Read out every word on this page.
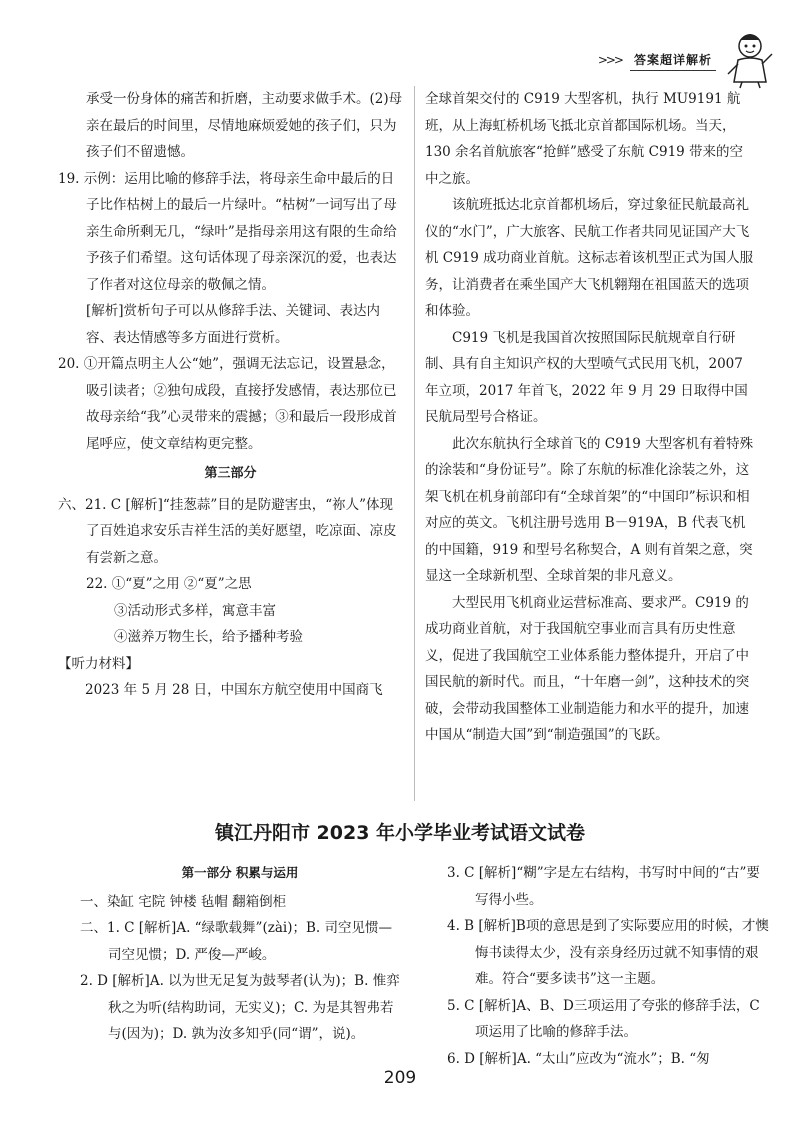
>>>	答案超详解析

承受一份身体的痛苦和折磨，主动要求做手术。(2)母亲在最后的时间里，尽情地麻烦爱她的孩子们，只为孩子们不留遗憾。

19. 示例：运用比喻的修辞手法，将母亲生命中最后的日子比作枯树上的最后一片绿叶。“枯树”一词写出了母亲生命所剩无几，“绿叶”是指母亲用这有限的生命给予孩子们希望。这句话体现了母亲深沉的爱，也表达了作者对这位母亲的敬佩之情。

[解析]赏析句子可以从修辞手法、关键词、表达内容、表达情感等多方面进行赏析。

20. ①开篇点明主人公“她”，强调无法忘记，设置悬念，吸引读者；②独句成段，直接抒发感情，表达那位已故母亲给“我”心灵带来的震撼；③和最后一段形成首尾呼应，使文章结构更完整。

第三部分

六、21. C [解析]“挂葱蒜”目的是防避害虫，“祢人”体现了百姓追求安乐吉祥生活的美好愿望，吃凉面、凉皮有尝新之意。

22. ①“夏”之用 ②“夏”之思

③活动形式多样，寓意丰富

④滋养万物生长，给予播种考验

【听力材料】

2023 年 5 月 28 日，中国东方航空使用中国商飞

全球首架交付的 C919 大型客机，执行 MU9191 航班，从上海虹桥机场飞抵北京首都国际机场。当天，130 余名首航旅客“抢鲜”感受了东航 C919 带来的空中之旅。

该航班抵达北京首都机场后，穿过象征民航最高礼仪的“水门”，广大旅客、民航工作者共同见证国产大飞机 C919 成功商业首航。这标志着该机型正式为国人服务，让消费者在乘坐国产大飞机翱翔在祖国蓝天的选项和体验。

C919 飞机是我国首次按照国际民航规章自行研制、具有自主知识产权的大型喷气式民用飞机，2007 年立项，2017 年首飞，2022 年 9 月 29 日取得中国民航局型号合格证。

此次东航执行全球首飞的 C919 大型客机有着特殊的涂装和“身份证号”。除了东航的标准化涂装之外，这架飞机在机身前部印有“全球首架”的“中国印”标识和相对应的英文。飞机注册号选用 B－919A，B 代表飞机的中国籍，919 和型号名称契合，A 则有首架之意，突显这一全球新机型、全球首架的非凡意义。

大型民用飞机商业运营标准高、要求严。C919 的成功商业首航，对于我国航空事业而言具有历史性意义，促进了我国航空工业体系能力整体提升，开启了中国民航的新时代。而且，“十年磨一剑”，这种技术的突破，会带动我国整体工业制造能力和水平的提升，加速中国从“制造大国”到“制造强国”的飞跃。

镇江丹阳市 2023 年小学毕业考试语文试卷

第一部分 积累与运用

一、染缸 宅院 钟楼 毡帽 翻箱倒柜

二、1. C [解析]A. “绿歌载舞”(zài)；B. 司空见惯—司空见惯；D. 严俊—严峻。

2. D [解析]A. 以为世无足复为鼓琴者(认为)；B. 惟弈秋之为听(结构助词，无实义)；C. 为是其智弗若与(因为)；D. 孰为汝多知乎(同“谓”，说)。

3. C [解析]“糊”字是左右结构，书写时中间的“古”要写得小些。

4. B [解析]B项的意思是到了实际要应用的时候，才懊悔书读得太少，没有亲身经历过就不知事情的艰难。符合“要多读书”这一主题。

5. C [解析]A、B、D三项运用了夸张的修辞手法，C项运用了比喻的修辞手法。

6. D [解析]A. “太山”应改为“流水”；B. “匆

209
